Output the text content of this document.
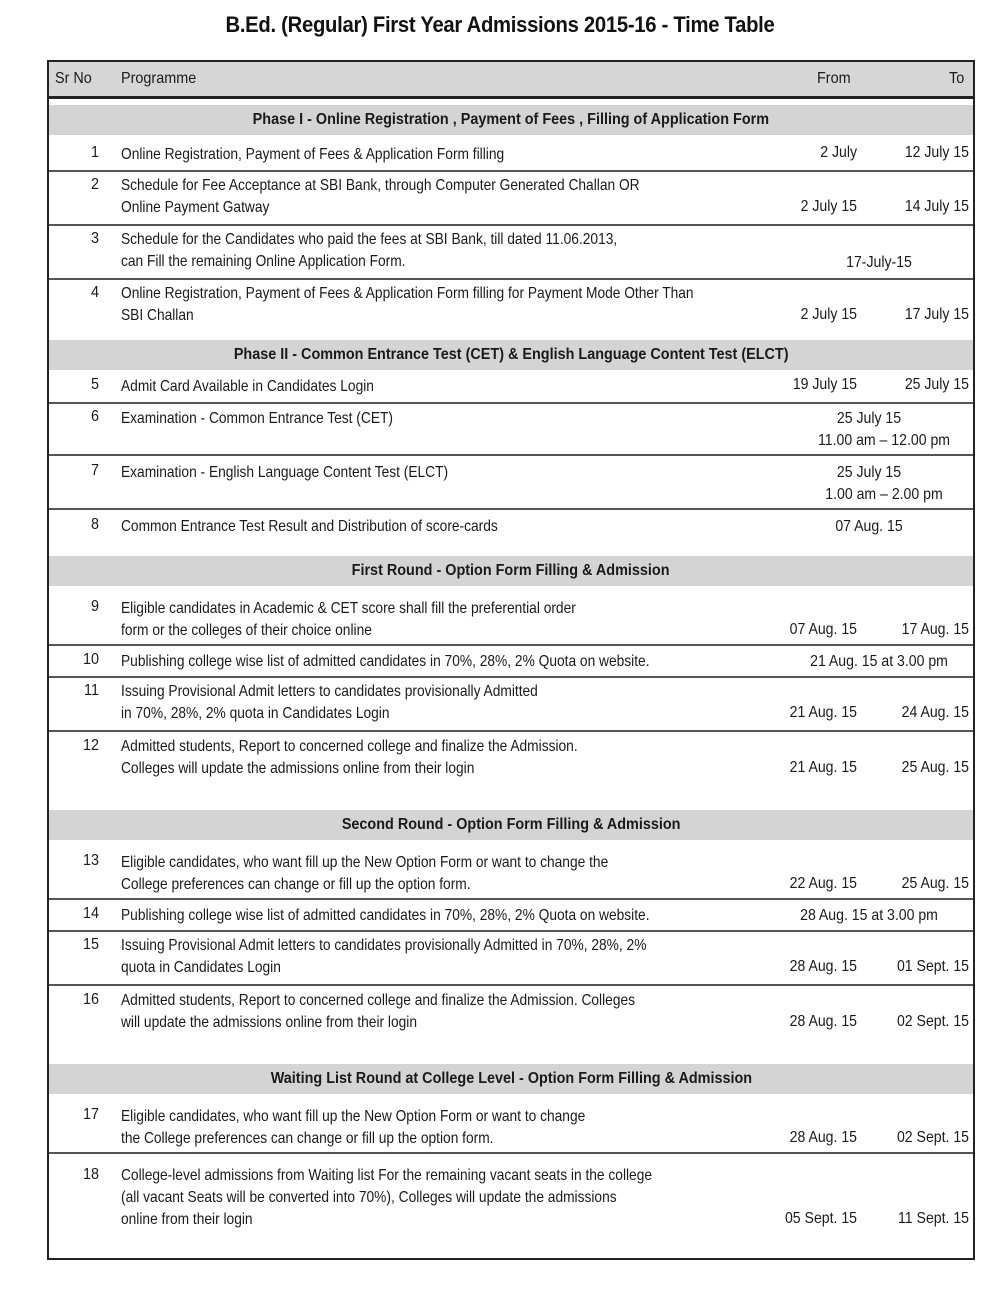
B.Ed. (Regular) First Year Admissions 2015-16 - Time Table
Sr No Programme	From	To
Phase I - Online Registration , Payment of Fees , Filling of Application Form
1 Online Registration, Payment of Fees & Application Form filling	2 July	12 July 15
2 Schedule for Fee Acceptance at SBI Bank, through Computer Generated Challan OR
Online Payment Gatway	2 July 15	14 July 15
3 Schedule for the Candidates who paid the fees at SBI Bank, till dated 11.06.2013,
can Fill the remaining Online Application Form.	17-July-15
4 Online Registration, Payment of Fees & Application Form filling for Payment Mode Other Than
SBI Challan	2 July 15	17 July 15
Phase II - Common Entrance Test (CET) & English Language Content Test (ELCT)
5 Admit Card Available in Candidates Login	19 July 15	25 July 15
6 Examination - Common Entrance Test (CET)	25 July 15
11.00 am – 12.00 pm
7 Examination - English Language Content Test (ELCT)	25 July 15
1.00 am – 2.00 pm
8 Common Entrance Test Result and Distribution of score-cards	07 Aug. 15
First Round - Option Form Filling & Admission
9 Eligible candidates in Academic & CET score shall fill the preferential order
form or the colleges of their choice online	07 Aug. 15	17 Aug. 15
10 Publishing college wise list of admitted candidates in 70%, 28%, 2% Quota on website.	21 Aug. 15 at 3.00 pm
11 Issuing Provisional Admit letters to candidates provisionally Admitted
in 70%, 28%, 2% quota in Candidates Login	21 Aug. 15	24 Aug. 15
12 Admitted students, Report to concerned college and finalize the Admission.
Colleges will update the admissions online from their login	21 Aug. 15	25 Aug. 15
Second Round - Option Form Filling & Admission
13 Eligible candidates, who want fill up the New Option Form or want to change the
College preferences can change or fill up the option form.	22 Aug. 15	25 Aug. 15
14 Publishing college wise list of admitted candidates in 70%, 28%, 2% Quota on website.	28 Aug. 15 at 3.00 pm
15 Issuing Provisional Admit letters to candidates provisionally Admitted in 70%, 28%, 2%
quota in Candidates Login	28 Aug. 15	01 Sept. 15
16 Admitted students, Report to concerned college and finalize the Admission. Colleges
will update the admissions online from their login	28 Aug. 15	02 Sept. 15
Waiting List Round at College Level - Option Form Filling & Admission
17 Eligible candidates, who want fill up the New Option Form or want to change
the College preferences can change or fill up the option form.	28 Aug. 15	02 Sept. 15
18 College-level admissions from Waiting list For the remaining vacant seats in the college
(all vacant Seats will be converted into 70%), Colleges will update the admissions
online from their login	05 Sept. 15	11 Sept. 15
